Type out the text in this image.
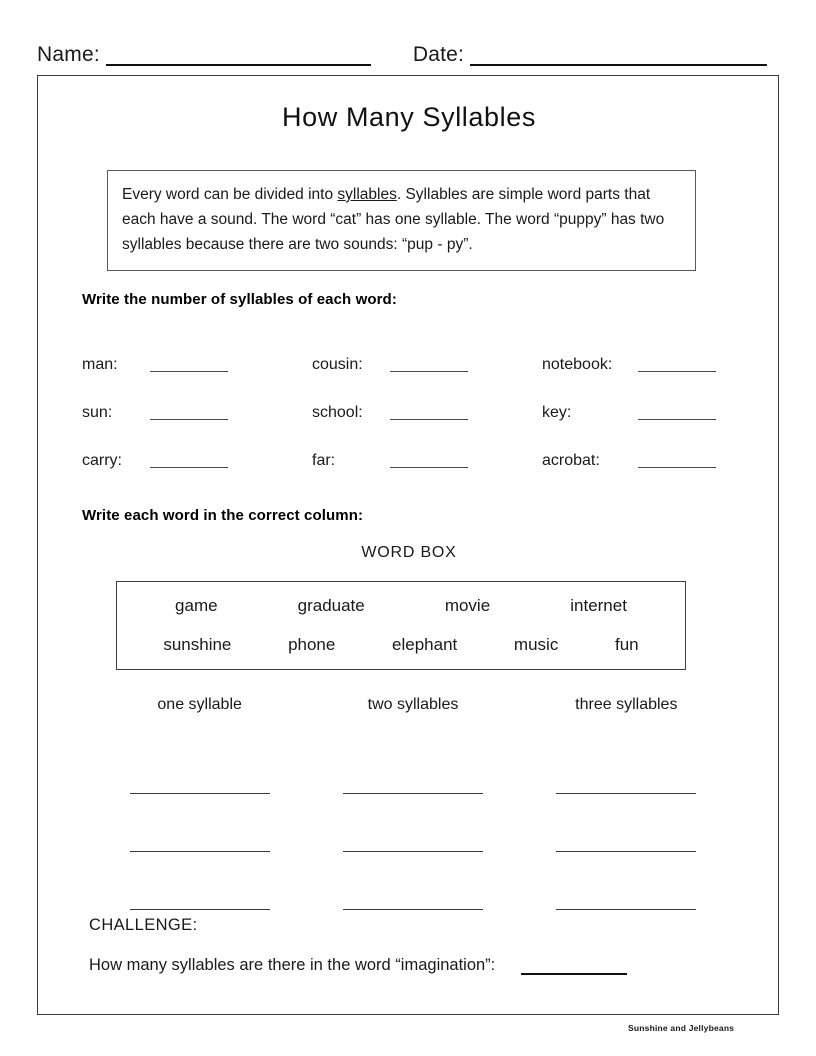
Name:	Date:
How Many Syllables
Every word can be divided into syllables. Syllables are simple word parts that each have a sound. The word “cat” has one syllable. The word “puppy” has two syllables because there are two sounds: “pup - py”.
Write the number of syllables of each word:
man:	cousin:	notebook:
sun:	school:	key:
carry:	far:	acrobat:
Write each word in the correct column:
WORD BOX
game	graduate	movie	internet
sunshine	phone	elephant	music	fun
one syllable	two syllables	three syllables
CHALLENGE:
How many syllables are there in the word “imagination”:
Sunshine and Jellybeans
